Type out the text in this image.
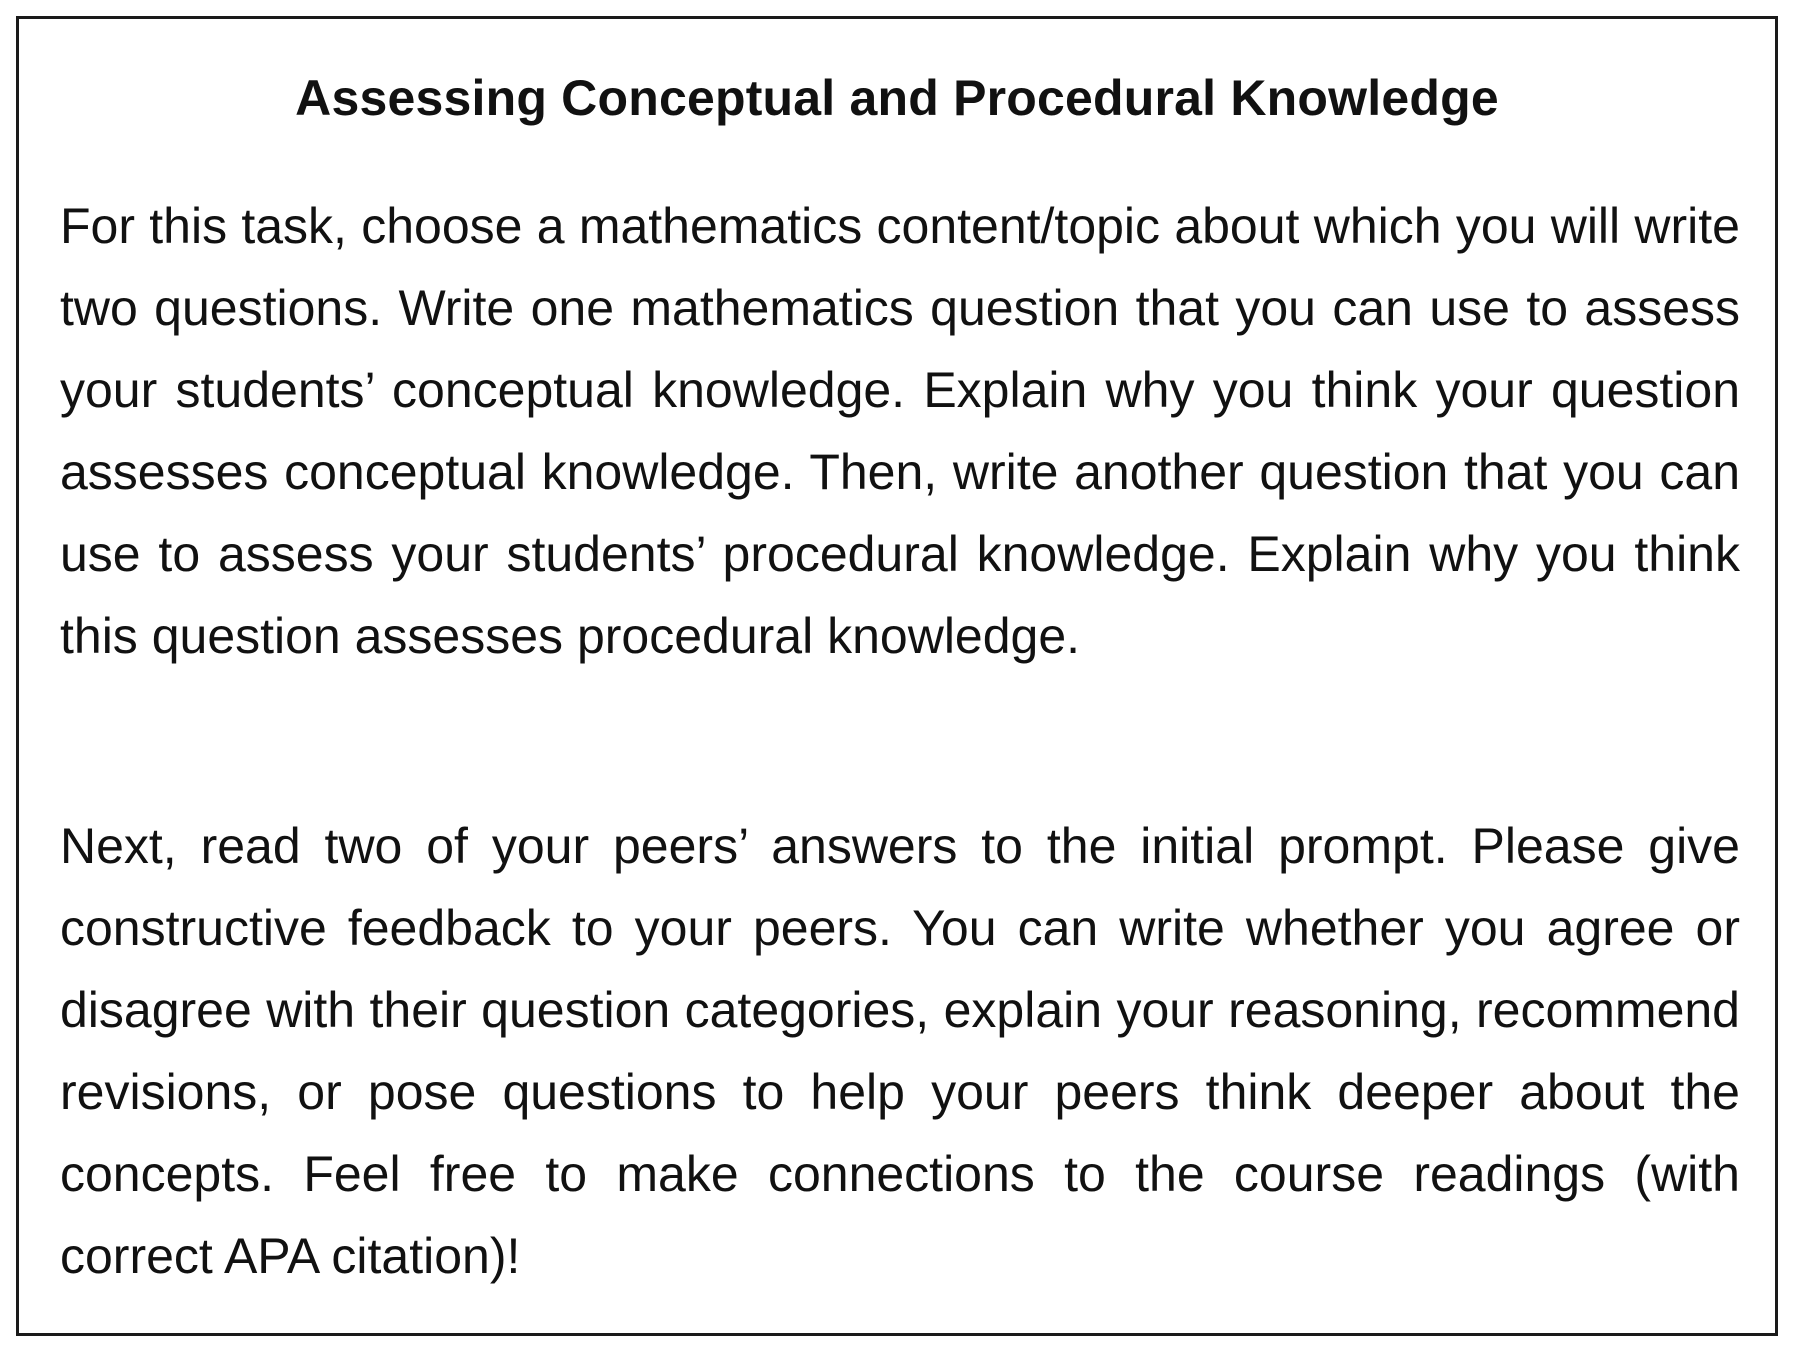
Assessing Conceptual and Procedural Knowledge

For this task, choose a mathematics content/topic about which you will write two questions. Write one mathematics question that you can use to assess your students’ conceptual knowledge. Explain why you think your question assesses conceptual knowledge. Then, write another question that you can use to assess your students’ procedural knowledge. Explain why you think this question assesses procedural knowledge.

Next, read two of your peers’ answers to the initial prompt. Please give constructive feedback to your peers. You can write whether you agree or disagree with their question categories, explain your reasoning, recommend revisions, or pose questions to help your peers think deeper about the concepts. Feel free to make connections to the course readings (with correct APA citation)!
